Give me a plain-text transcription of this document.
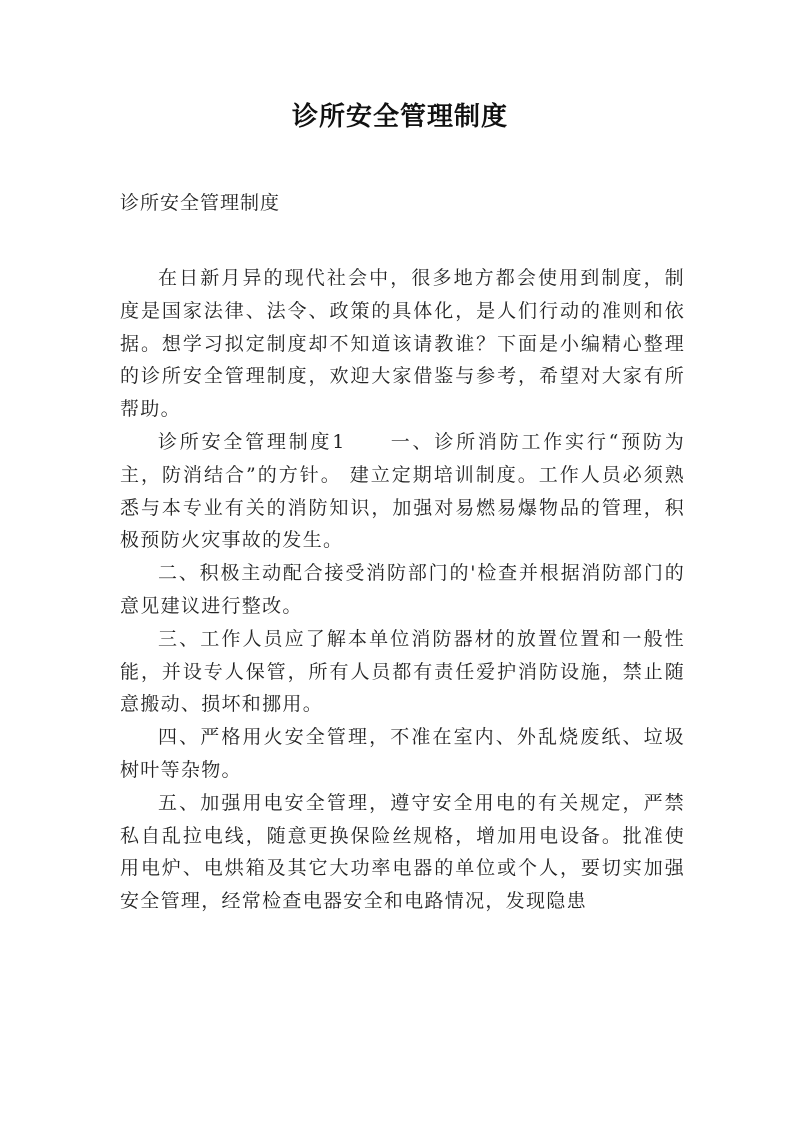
诊所安全管理制度
诊所安全管理制度

在日新月异的现代社会中，很多地方都会使用到制度，制度是国家法律、法令、政策的具体化，是人们行动的准则和依据。想学习拟定制度却不知道该请教谁？下面是小编精心整理的诊所安全管理制度，欢迎大家借鉴与参考，希望对大家有所帮助。

诊所安全管理制度1　　一、诊所消防工作实行“预防为主，防消结合”的方针。 建立定期培训制度。工作人员必须熟悉与本专业有关的消防知识，加强对易燃易爆物品的管理，积极预防火灾事故的发生。

二、积极主动配合接受消防部门的'检查并根据消防部门的意见建议进行整改。

三、工作人员应了解本单位消防器材的放置位置和一般性能，并设专人保管，所有人员都有责任爱护消防设施，禁止随意搬动、损坏和挪用。

四、严格用火安全管理，不准在室内、外乱烧废纸、垃圾树叶等杂物。

五、加强用电安全管理，遵守安全用电的有关规定，严禁私自乱拉电线，随意更换保险丝规格，增加用电设备。批准使用电炉、电烘箱及其它大功率电器的单位或个人，要切实加强安全管理，经常检查电器安全和电路情况，发现隐患
